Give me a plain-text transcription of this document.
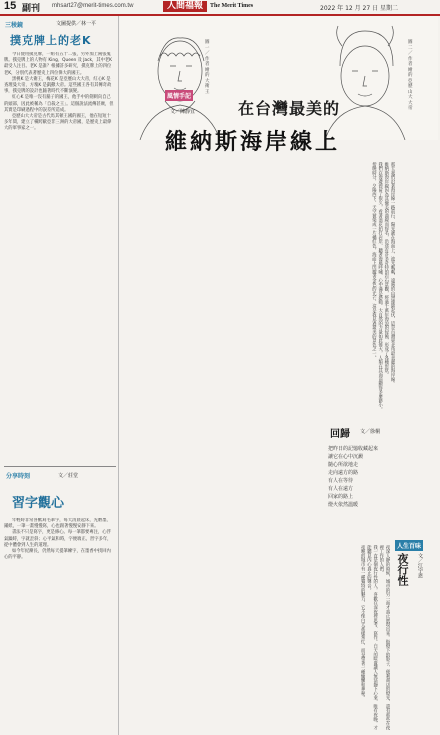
15 副刊 mhsart27@merit-times.com.tw	人間福報	The Merit Times	2022 年 12 月 27 日 星期二
三稜鏡	文圖提供／林一平
撲克牌上的老K

今日使用撲克牌，一組有五十二張，另外加上兩張鬼牌。撲克牌上的人物有 King、Queen 及 Jack，其中老K 最受人注目。老K 是誰？根據許多研究，撲克牌上的四位老K，分別代表著歷史上四位偉大的國王。

黑桃K 是大衛王，梅花K 是亞歷山大大帝，紅心K 是查理曼大帝，方塊K 是凱撒大帝。這些國王各有其傳奇故事，撲克牌的設計也隨著時代不斷演變。

紅心K 是唯一沒有鬍子的國王，他手中的劍刺向自己的頭部，因此被稱為「自殺之王」。這個說法流傳甚廣，但其實是印刷過程中的誤差所造成。

亞歷山大大帝是古代馬其頓王國的國王，他在短短十多年間，建立了橫跨歐亞非三洲的大帝國，是歷史上最偉大的軍事家之一。

分享時刻	文／莊堂
習字觀心

年輕時非常喜歡寫毛筆字，每天清晨起床，先磨墨、鋪紙，一筆一畫慢慢寫，心也跟著慢慢安靜下來。

書法不只是寫字，更是修心。每一筆都要專注，心浮氣躁時，字就歪斜；心平氣和時，字便端正。習字多年，從中體會到人生的道理。

如今年紀漸長，仍然每天提筆練字，在墨香中找回內心的平靜。

圖一／作者繪的大衛王
圖二／作者繪的亞歷山大大帝
風情手記
文／陳靜宜	在台灣最美的
維納斯海岸線上

那天我們沿著海岸線一路前行，陽光灑在海面上，波光粼粼，遠處的山巒連綿起伏，這是台灣東北角最美麗的海岸線。

維納斯海岸線因為其優美的曲線而得名，沿途有許多奇特的岩石景觀，經過千萬年海浪的侵蝕，形成了各種形狀。

我們在海邊停留了很久，看著浪花拍打岩岸，聽著海風呼嘯，心中滿是感動。大自然的力量如此偉大，人類在其面前顯得多麼渺小。

傍晚時分，夕陽西下，天空被染成一片橘紅色，海面上閃耀著金色的光芒，這是我見過最美的景色之一。

回歸 文／徐桐
把昨日的記憶收藏起來
讓它在心中沉澱
隨心所欲地走
走向遠方的路
有人在等待
有人在遠方
回家的路上
燈火依然溫暖
人生百味
夜行性	文／江宇恩

夜深人靜的時候，城市的另一面才真正展現出來。街燈下的影子，便利商店的燈光，還有那些在夜裡工作的人們。

我一直是個夜行性的人，喜歡在深夜裡思考、寫作。白天的喧囂讓人無法靜下心來，唯有夜晚，才能聽見內心真正的聲音。

夜晚的城市有一種獨特的魅力，它不像白天那樣匆忙，而是帶著一種慵懶和神秘。
